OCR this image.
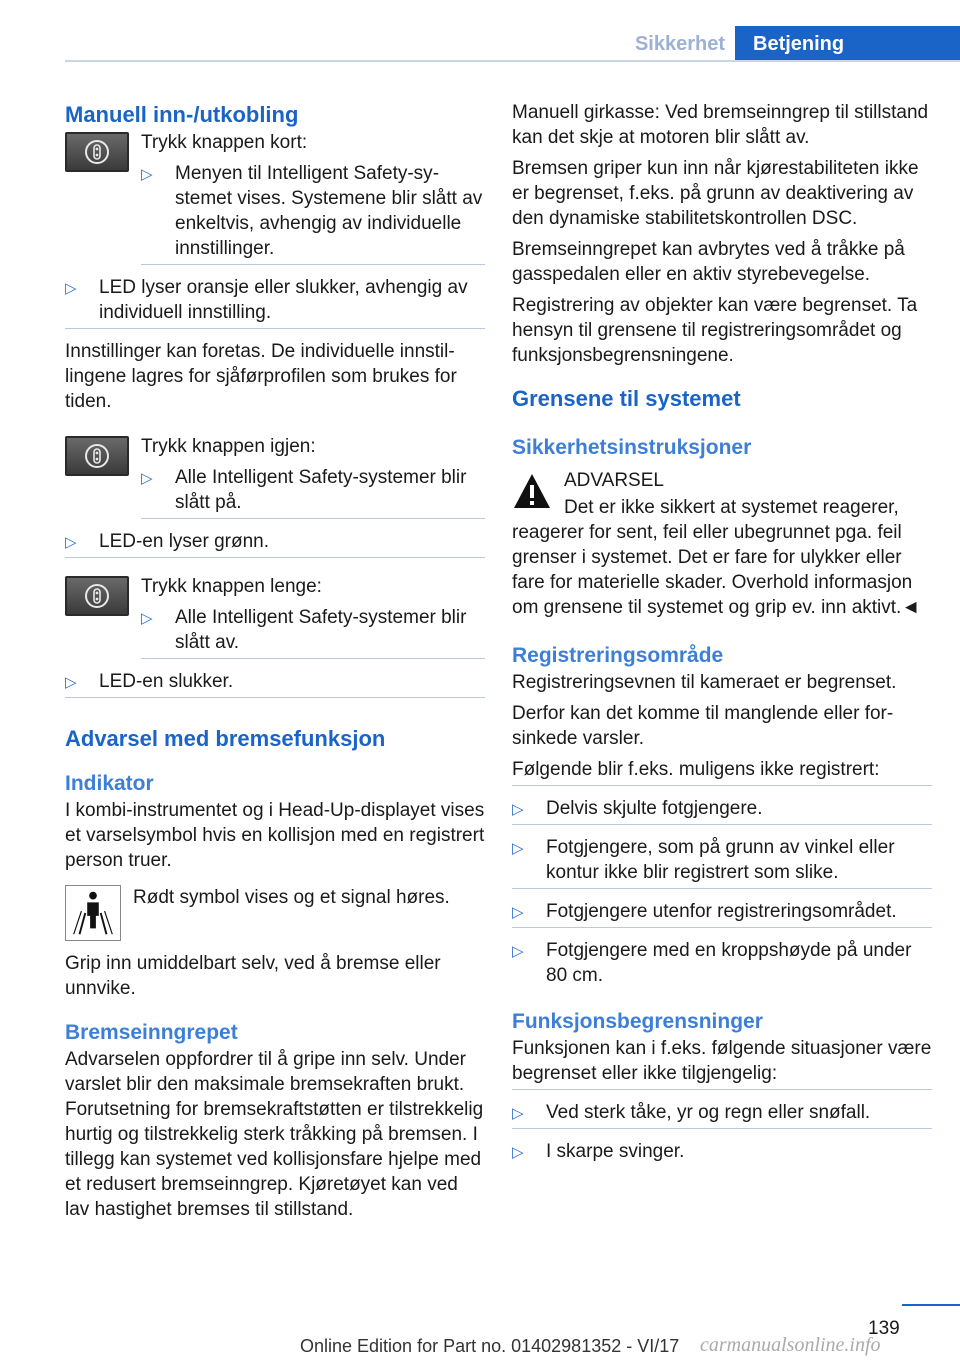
Sikkerhet	Betjening
Manuell inn-/utkobling
Trykk knappen kort:
▷ Menyen til Intelligent Safety-systemet vises. Systemene blir slått av enkeltvis, avhengig av individuelle innstillinger.
▷ LED lyser oransje eller slukker, avhengig av individuell innstilling.
Innstillinger kan foretas. De individuelle innstillingene lagres for sjåførprofilen som brukes for tiden.
Trykk knappen igjen:
▷ Alle Intelligent Safety-systemer blir slått på.
▷ LED-en lyser grønn.
Trykk knappen lenge:
▷ Alle Intelligent Safety-systemer blir slått av.
▷ LED-en slukker.
Advarsel med bremsefunksjon
Indikator
I kombi-instrumentet og i Head-Up-displayet vises et varselsymbol hvis en kollisjon med en registrert person truer.
Rødt symbol vises og et signal høres.
Grip inn umiddelbart selv, ved å bremse eller unnvike.
Bremseinngrepet
Advarselen oppfordrer til å gripe inn selv. Under varslet blir den maksimale bremsekraften brukt. Forutsetning for bremsekraftstøtten er tilstrekkelig hurtig og tilstrekkelig sterk tråkking på bremsen. I tillegg kan systemet ved kollisjonsfare hjelpe med et redusert bremseinngrep. Kjøretøyet kan ved lav hastighet bremses til stillstand.
Manuell girkasse: Ved bremseinngrep til stillstand kan det skje at motoren blir slått av.
Bremsen griper kun inn når kjørestabiliteten ikke er begrenset, f.eks. på grunn av deaktivering av den dynamiske stabilitetskontrollen DSC.
Bremseinngrepet kan avbrytes ved å tråkke på gasspedalen eller en aktiv styrebevegelse.
Registrering av objekter kan være begrenset. Ta hensyn til grensene til registreringsområdet og funksjonsbegrensningene.
Grensene til systemet
Sikkerhetsinstruksjoner
ADVARSEL
Det er ikke sikkert at systemet reagerer, reagerer for sent, feil eller ubegrunnet pga. feil grenser i systemet. Det er fare for ulykker eller fare for materielle skader. Overhold informasjon om grensene til systemet og grip ev. inn aktivt.◄
Registreringsområde
Registreringsevnen til kameraet er begrenset.
Derfor kan det komme til manglende eller forsinkede varsler.
Følgende blir f.eks. muligens ikke registrert:
▷ Delvis skjulte fotgjengere.
▷ Fotgjengere, som på grunn av vinkel eller kontur ikke blir registrert som slike.
▷ Fotgjengere utenfor registreringsområdet.
▷ Fotgjengere med en kroppshøyde på under 80 cm.
Funksjonsbegrensninger
Funksjonen kan i f.eks. følgende situasjoner være begrenset eller ikke tilgjengelig:
▷ Ved sterk tåke, yr og regn eller snøfall.
▷ I skarpe svinger.
139
Online Edition for Part no. 01402981352 - VI/17 carmanualsonline.info
